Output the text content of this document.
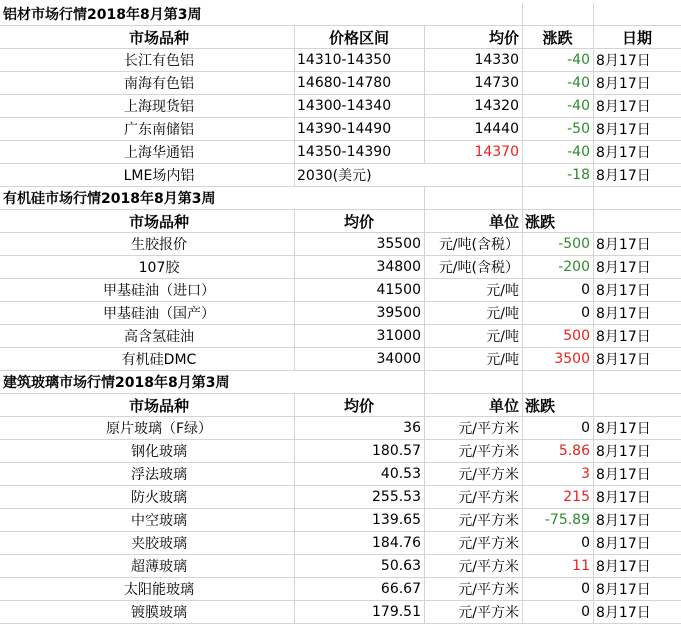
铝材市场行情2018年8月第3周
市场品种	价格区间	均价	涨跌	日期
长江有色铝	14310-14350	14330	-40 8月17日
南海有色铝	14680-14780	14730	-40 8月17日
上海现货铝	14300-14340	14320	-40 8月17日
广东南储铝	14390-14490	14440	-50 8月17日
上海华通铝	14350-14390	14370	-40 8月17日
LME场内铝	2030(美元)	-18 8月17日
有机硅市场行情2018年8月第3周
市场品种	均价	单位 涨跌
生胶报价	35500	元/吨(含税）	-500 8月17日
107胶	34800	元/吨(含税）	-200 8月17日
甲基硅油（进口）	41500	元/吨	0 8月17日
甲基硅油（国产）	39500	元/吨	0 8月17日
高含氢硅油	31000	元/吨	500 8月17日
有机硅DMC	34000	元/吨	3500 8月17日
建筑玻璃市场行情2018年8月第3周
市场品种	均价	单位 涨跌
原片玻璃（F绿）	36	元/平方米	0 8月17日
钢化玻璃	180.57	元/平方米	5.86 8月17日
浮法玻璃	40.53	元/平方米	3 8月17日
防火玻璃	255.53	元/平方米	215 8月17日
中空玻璃	139.65	元/平方米	-75.89 8月17日
夹胶玻璃	184.76	元/平方米	0 8月17日
超薄玻璃	50.63	元/平方米	11 8月17日
太阳能玻璃	66.67	元/平方米	0 8月17日
镀膜玻璃	179.51	元/平方米	0 8月17日
